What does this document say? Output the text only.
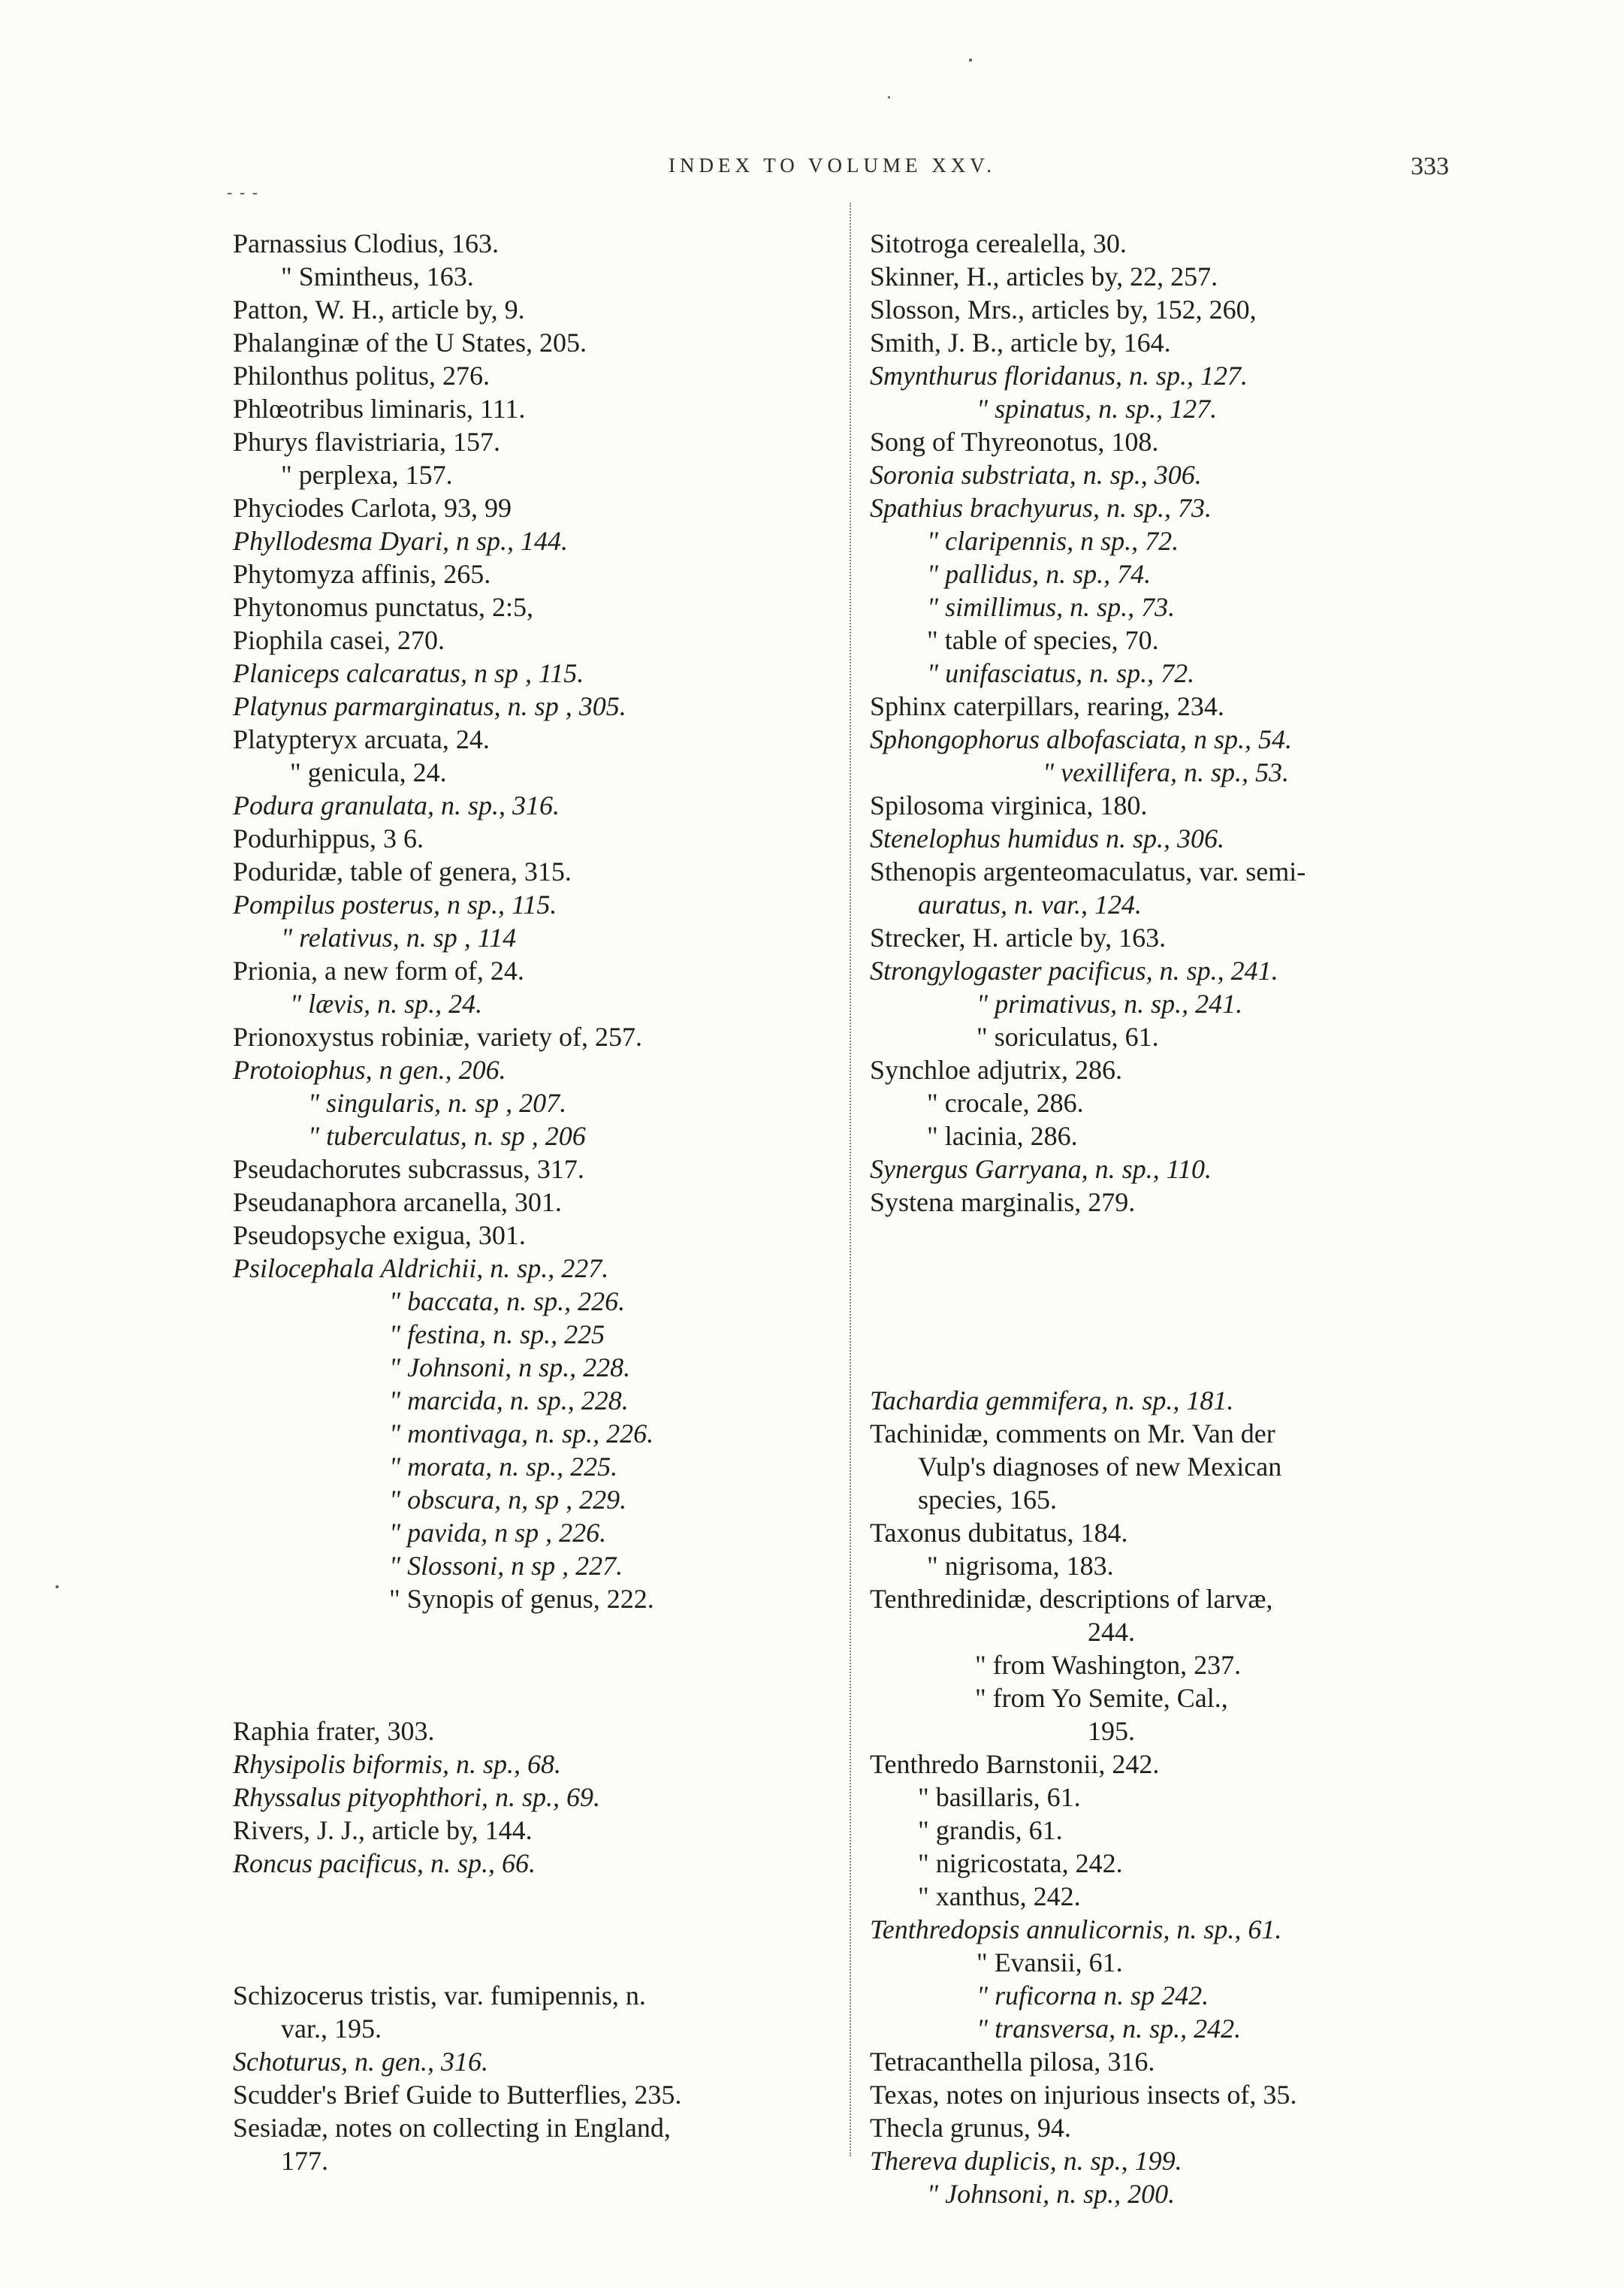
INDEX TO VOLUME XXV.	333
- - -
Parnassius Clodius, 163.
" Smintheus, 163.
Patton, W. H., article by, 9.
Phalanginæ of the U States, 205.
Philonthus politus, 276.
Phlœotribus liminaris, 111.
Phurys flavistriaria, 157.
" perplexa, 157.
Phyciodes Carlota, 93, 99
Phyllodesma Dyari, n sp., 144.
Phytomyza affinis, 265.
Phytonomus punctatus, 2:5,
Piophila casei, 270.
Planiceps calcaratus, n sp , 115.
Platynus parmarginatus, n. sp , 305.
Platypteryx arcuata, 24.
" genicula, 24.
Podura granulata, n. sp., 316.
Podurhippus, 3 6.
Poduridæ, table of genera, 315.
Pompilus posterus, n sp., 115.
" relativus, n. sp , 114
Prionia, a new form of, 24.
" lævis, n. sp., 24.
Prionoxystus robiniæ, variety of, 257.
Protoiophus, n gen., 206.
" singularis, n. sp , 207.
" tuberculatus, n. sp , 206
Pseudachorutes subcrassus, 317.
Pseudanaphora arcanella, 301.
Pseudopsyche exigua, 301.
Psilocephala Aldrichii, n. sp., 227.
" baccata, n. sp., 226.
" festina, n. sp., 225
" Johnsoni, n sp., 228.
" marcida, n. sp., 228.
" montivaga, n. sp., 226.
" morata, n. sp., 225.
" obscura, n, sp , 229.
" pavida, n sp , 226.
" Slossoni, n sp , 227.
" Synopis of genus, 222.
Raphia frater, 303.
Rhysipolis biformis, n. sp., 68.
Rhyssalus pityophthori, n. sp., 69.
Rivers, J. J., article by, 144.
Roncus pacificus, n. sp., 66.
Schizocerus tristis, var. fumipennis, n.
var., 195.
Schoturus, n. gen., 316.
Scudder's Brief Guide to Butterflies, 235.
Sesiadæ, notes on collecting in England,
177.
Sitotroga cerealella, 30.
Skinner, H., articles by, 22, 257.
Slosson, Mrs., articles by, 152, 260,
Smith, J. B., article by, 164.
Smynthurus floridanus, n. sp., 127.
" spinatus, n. sp., 127.
Song of Thyreonotus, 108.
Soronia substriata, n. sp., 306.
Spathius brachyurus, n. sp., 73.
" claripennis, n sp., 72.
" pallidus, n. sp., 74.
" simillimus, n. sp., 73.
" table of species, 70.
" unifasciatus, n. sp., 72.
Sphinx caterpillars, rearing, 234.
Sphongophorus albofasciata, n sp., 54.
" vexillifera, n. sp., 53.
Spilosoma virginica, 180.
Stenelophus humidus n. sp., 306.
Sthenopis argenteomaculatus, var. semi-
auratus, n. var., 124.
Strecker, H. article by, 163.
Strongylogaster pacificus, n. sp., 241.
" primativus, n. sp., 241.
" soriculatus, 61.
Synchloe adjutrix, 286.
" crocale, 286.
" lacinia, 286.
Synergus Garryana, n. sp., 110.
Systena marginalis, 279.
Tachardia gemmifera, n. sp., 181.
Tachinidæ, comments on Mr. Van der
Vulp's diagnoses of new Mexican
species, 165.
Taxonus dubitatus, 184.
" nigrisoma, 183.
Tenthredinidæ, descriptions of larvæ,
244.
" from Washington, 237.
" from Yo Semite, Cal.,
195.
Tenthredo Barnstonii, 242.
" basillaris, 61.
" grandis, 61.
" nigricostata, 242.
" xanthus, 242.
Tenthredopsis annulicornis, n. sp., 61.
" Evansii, 61.
" ruficorna n. sp 242.
" transversa, n. sp., 242.
Tetracanthella pilosa, 316.
Texas, notes on injurious insects of, 35.
Thecla grunus, 94.
Thereva duplicis, n. sp., 199.
" Johnsoni, n. sp., 200.
